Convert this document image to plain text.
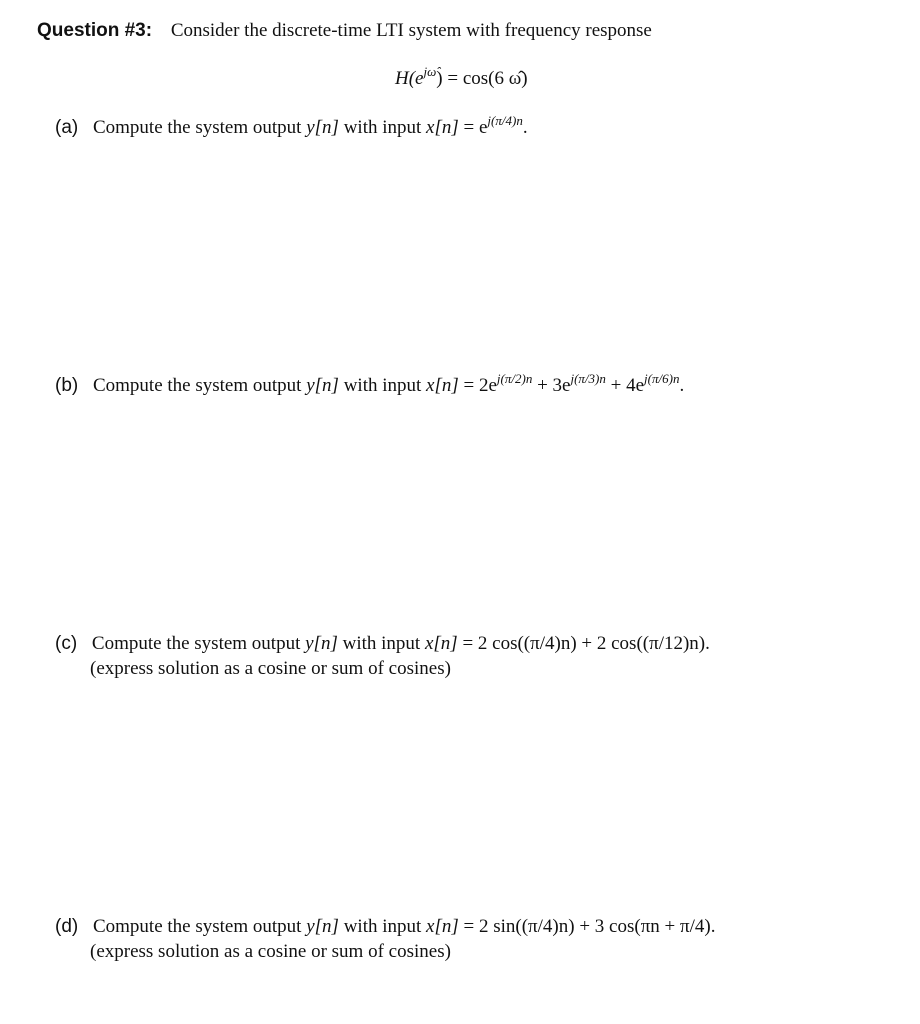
Question #3: Consider the discrete-time LTI system with frequency response
$H(e^{j\omegâ}) = \cos(6$ ω̂)
(a) Compute the system output y[n] with input $x[n] = e^{j(\pi/4)n}$.
(b) Compute the system output y[n] with input $x[n] = 2e^{j(\pi/2)n} + 3e^{j(\pi/3)n} + 4e^{j(\pi/6)n}$.
(c) Compute the system output y[n] with input x[n] = 2 cos((π/4)n) + 2 cos((π/12)n).
(express solution as a cosine or sum of cosines)
(d) Compute the system output y[n] with input x[n] = 2 sin((π/4)n) + 3 cos(πn + π/4).
(express solution as a cosine or sum of cosines)
